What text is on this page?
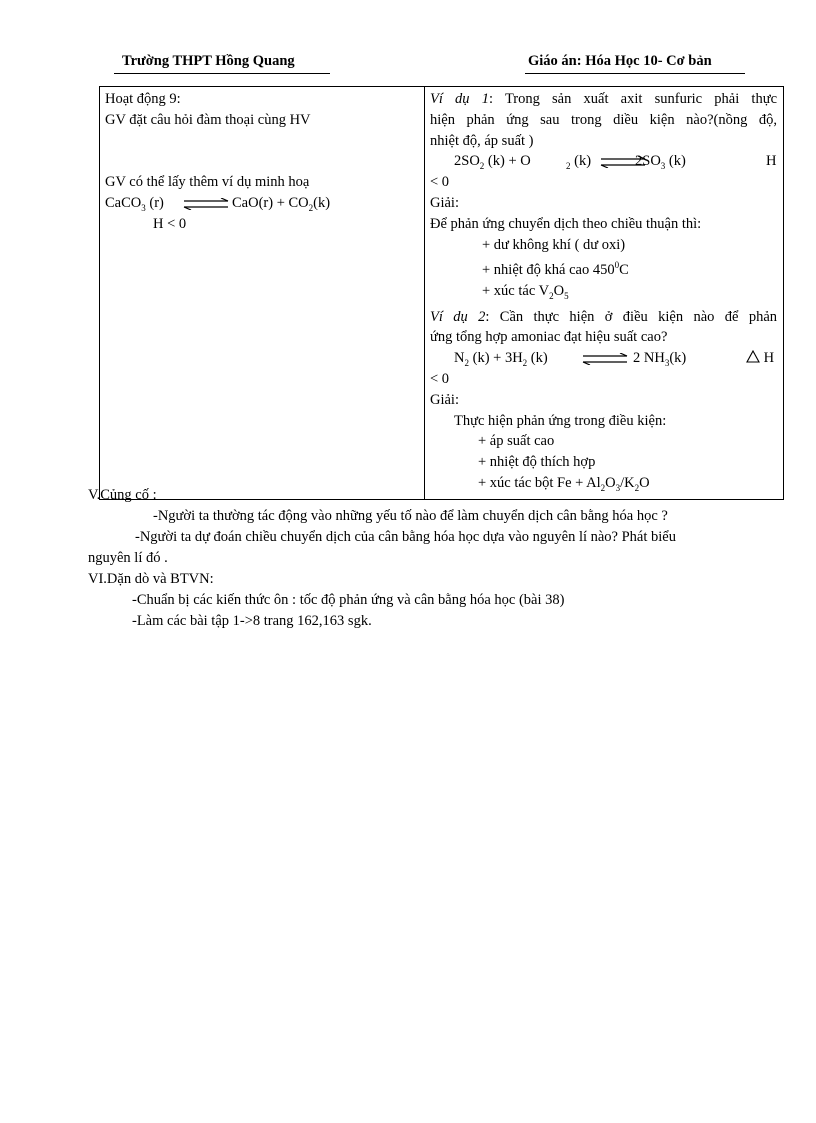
Trường THPT Hồng Quang	Giáo án: Hóa Học 10- Cơ bản
Hoạt động 9:
GV đặt câu hỏi đàm thoại cùng HV
GV có thể lấy thêm ví dụ minh hoạ
CaCO$_3$ (r)	$CaO(r) + CO_2(k)$
H < 0

Ví dụ 1: Trong sản xuất axit sunfuric phải thực
hiện phản ứng sau trong diều kiện nào?(nồng độ,
nhiệt độ, áp suất )
$2SO_2$ (k) + O	$_2$ (k)	$2SO_3$ (k)	H
< 0
Giải:
Để phản ứng chuyển dịch theo chiều thuận thì:
+ dư không khí ( dư oxi)
+ nhiệt độ khá cao $450^0C$
+ xúc tác $V_2O_5$
Ví dụ 2: Cần thực hiện ở điều kiện nào để phản
ứng tổng hợp amoniac đạt hiệu suất cao?
$N_2$ $(k) + 3H_2$ (k)	2 $NH_3(k)$	H
< 0
Giải:
Thực hiện phản ứng trong điều kiện:
+ áp suất cao
+ nhiệt độ thích hợp
+ xúc tác bột $Fe + Al_2O_3/K_2O$
V.Củng cố :
-Người ta thường tác động vào những yếu tố nào để làm chuyển dịch cân bằng hóa học ?
-Người ta dự đoán chiều chuyển dịch của cân bằng hóa học dựa vào nguyên lí nào? Phát biểu
nguyên lí đó .
VI.Dặn dò và BTVN:
-Chuẩn bị các kiến thức ôn : tốc độ phản ứng và cân bằng hóa học (bài 38)
-Làm các bài tập 1->8 trang 162,163 sgk.
